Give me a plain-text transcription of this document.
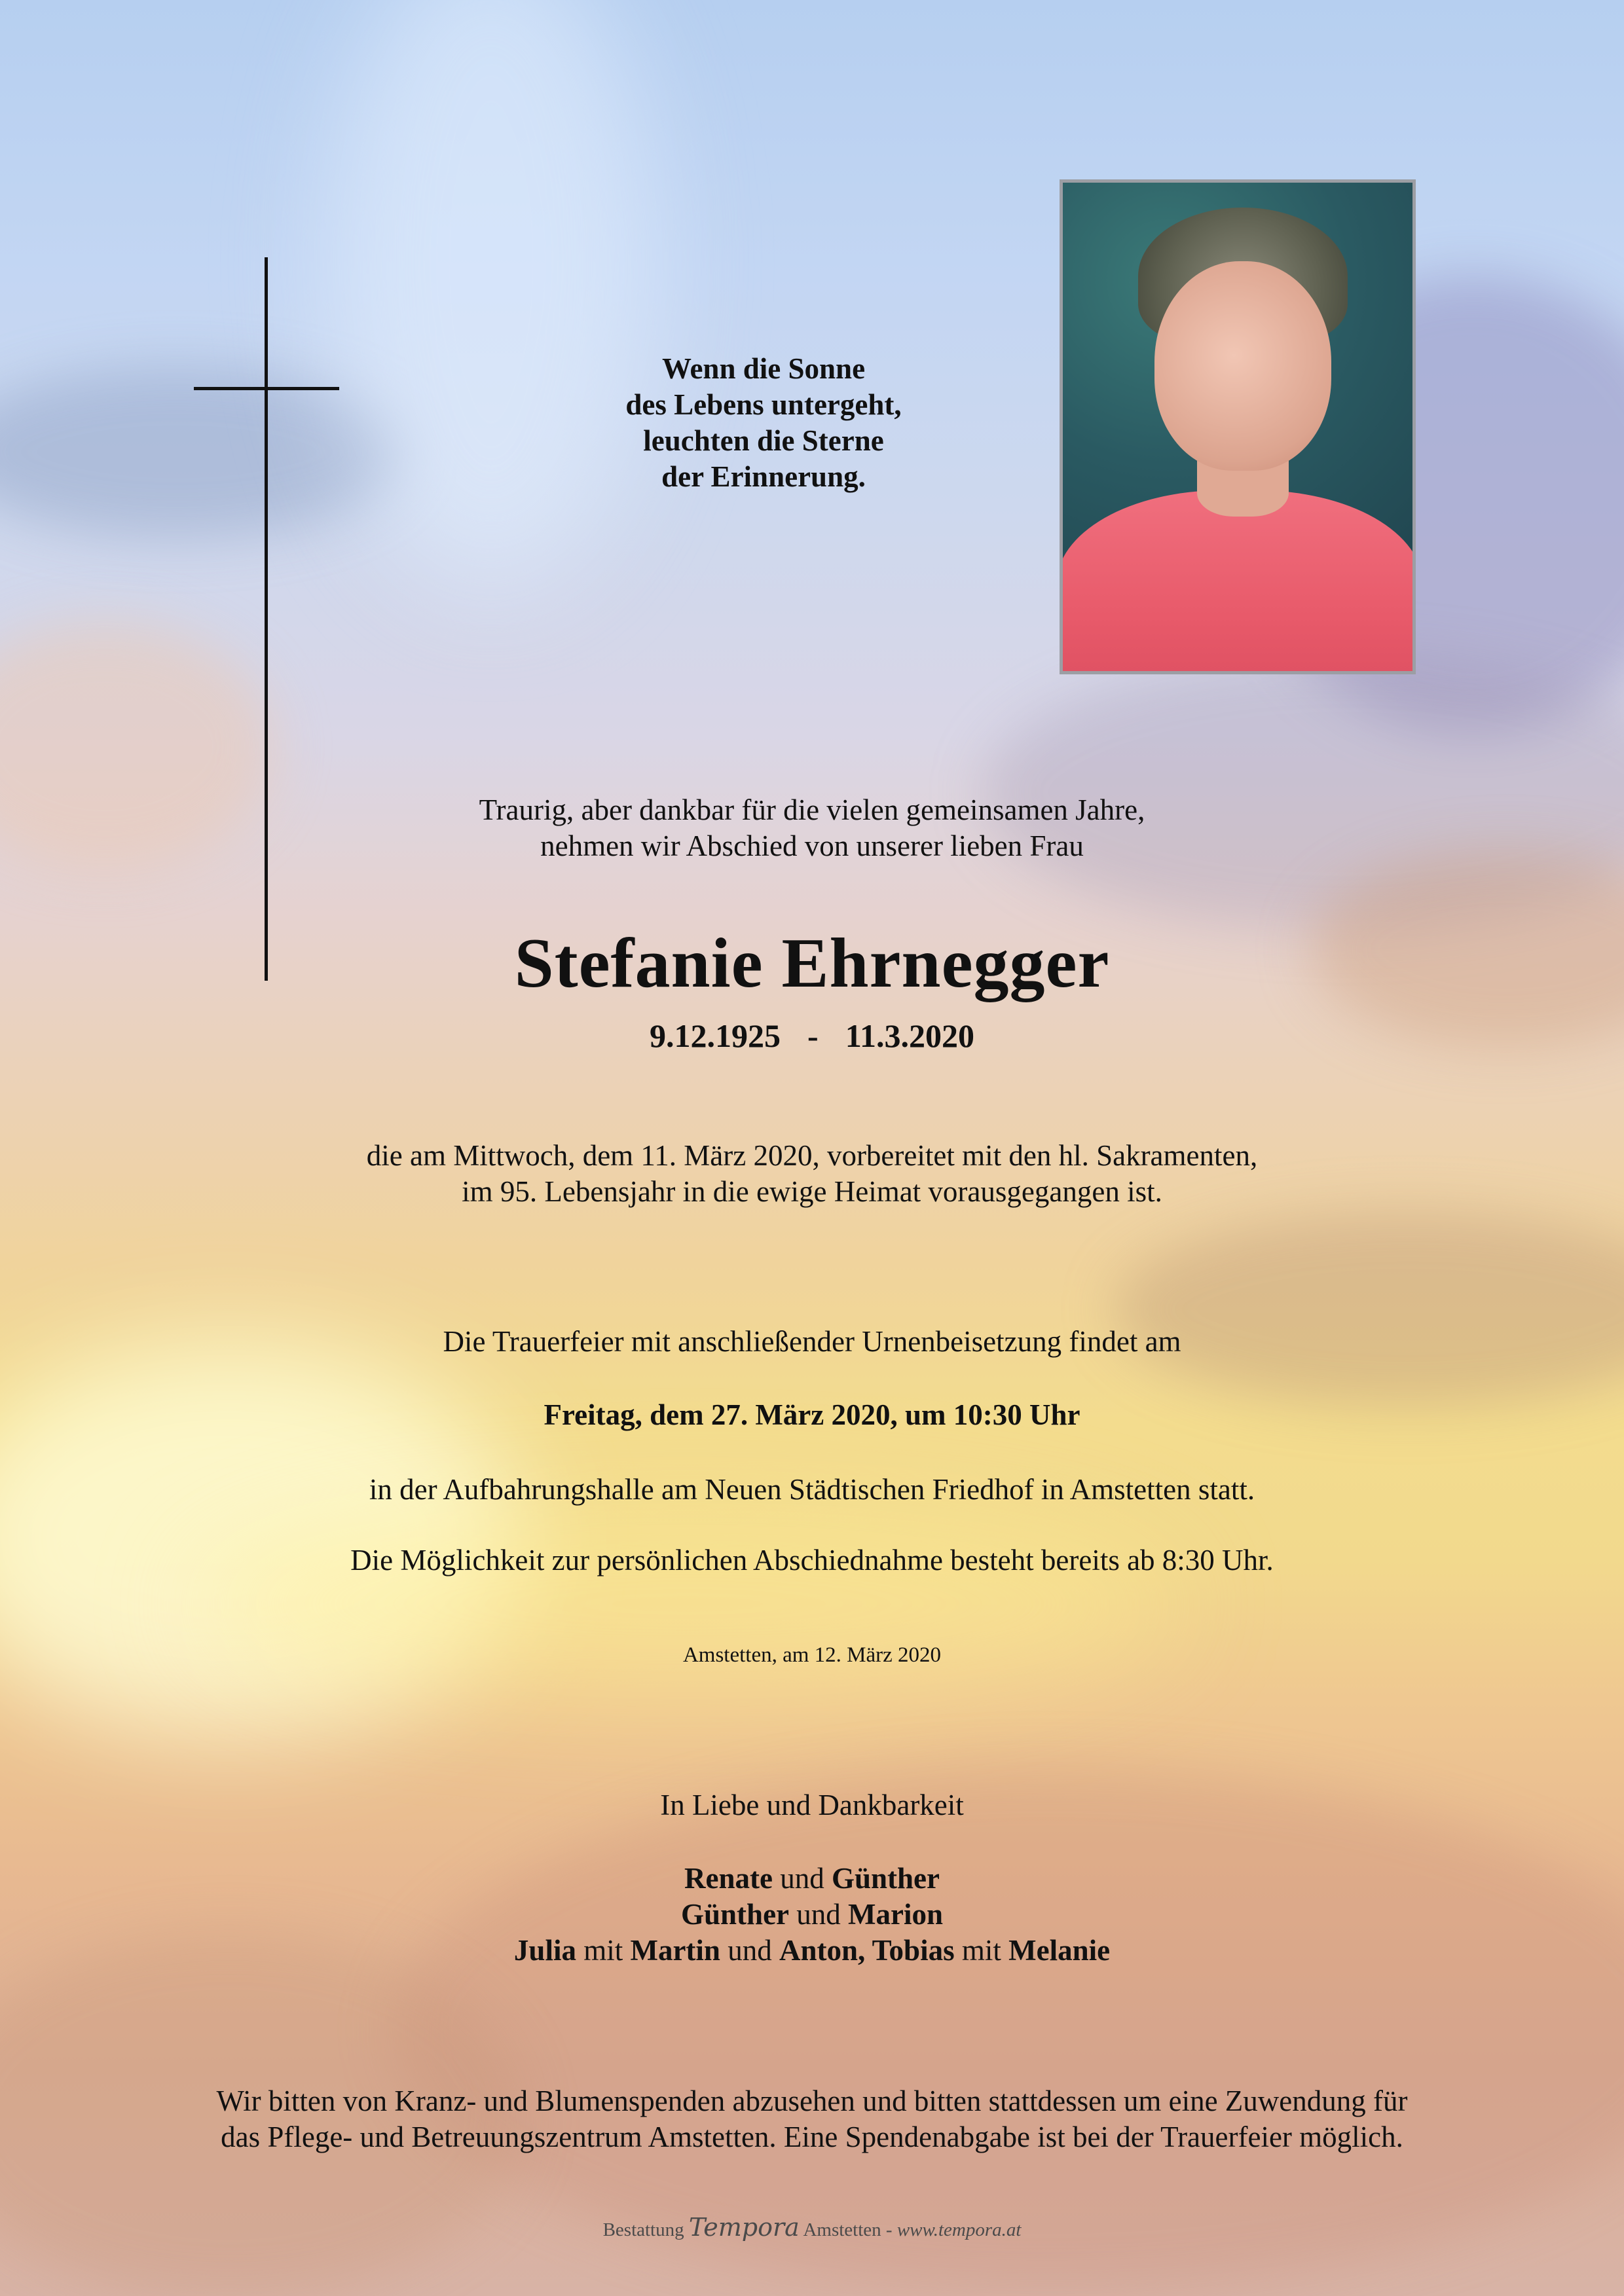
Wenn die Sonne
des Lebens untergeht,
leuchten die Sterne
der Erinnerung.
Traurig, aber dankbar für die vielen gemeinsamen Jahre,
nehmen wir Abschied von unserer lieben Frau
Stefanie Ehrnegger
9.12.1925  -  11.3.2020
die am Mittwoch, dem 11. März 2020, vorbereitet mit den hl. Sakramenten,
im 95. Lebensjahr in die ewige Heimat vorausgegangen ist.
Die Trauerfeier mit anschließender Urnenbeisetzung findet am
Freitag, dem 27. März 2020, um 10:30 Uhr
in der Aufbahrungshalle am Neuen Städtischen Friedhof in Amstetten statt.
Die Möglichkeit zur persönlichen Abschiednahme besteht bereits ab 8:30 Uhr.
Amstetten, am 12. März 2020
In Liebe und Dankbarkeit
Renate und Günther
Günther und Marion
Julia mit Martin und Anton, Tobias mit Melanie
Wir bitten von Kranz- und Blumenspenden abzusehen und bitten stattdessen um eine Zuwendung für
das Pflege- und Betreuungszentrum Amstetten. Eine Spendenabgabe ist bei der Trauerfeier möglich.
Bestattung Tempora Amstetten - www.tempora.at
